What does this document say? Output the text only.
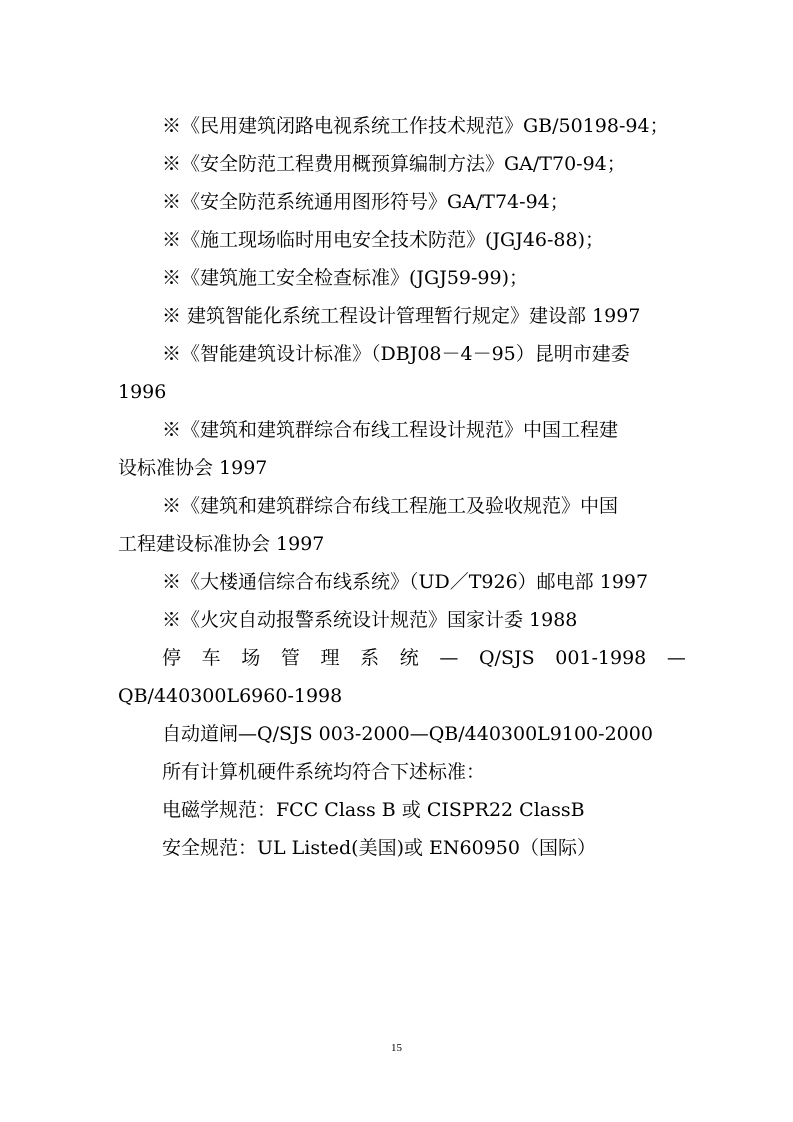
※《民用建筑闭路电视系统工作技术规范》GB/50198-94；
※《安全防范工程费用概预算编制方法》GA/T70-94；
※《安全防范系统通用图形符号》GA/T74-94；
※《施工现场临时用电安全技术防范》(JGJ46-88)；
※《建筑施工安全检查标准》(JGJ59-99)；
※ 建筑智能化系统工程设计管理暂行规定》建设部 1997
※《智能建筑设计标准》（DBJ08－4－95）昆明市建委
1996
※《建筑和建筑群综合布线工程设计规范》中国工程建
设标准协会 1997
※《建筑和建筑群综合布线工程施工及验收规范》中国
工程建设标准协会 1997
※《大楼通信综合布线系统》（UD／T926）邮电部 1997
※《火灾自动报警系统设计规范》国家计委 1988
停 车 场 管 理 系 统 — Q/SJS 001-1998 —
QB/440300L6960-1998
自动道闸—Q/SJS 003-2000—QB/440300L9100-2000
所有计算机硬件系统均符合下述标准：
电磁学规范：FCC Class B 或 CISPR22 ClassB
安全规范：UL Listed(美国)或 EN60950（国际）
15
